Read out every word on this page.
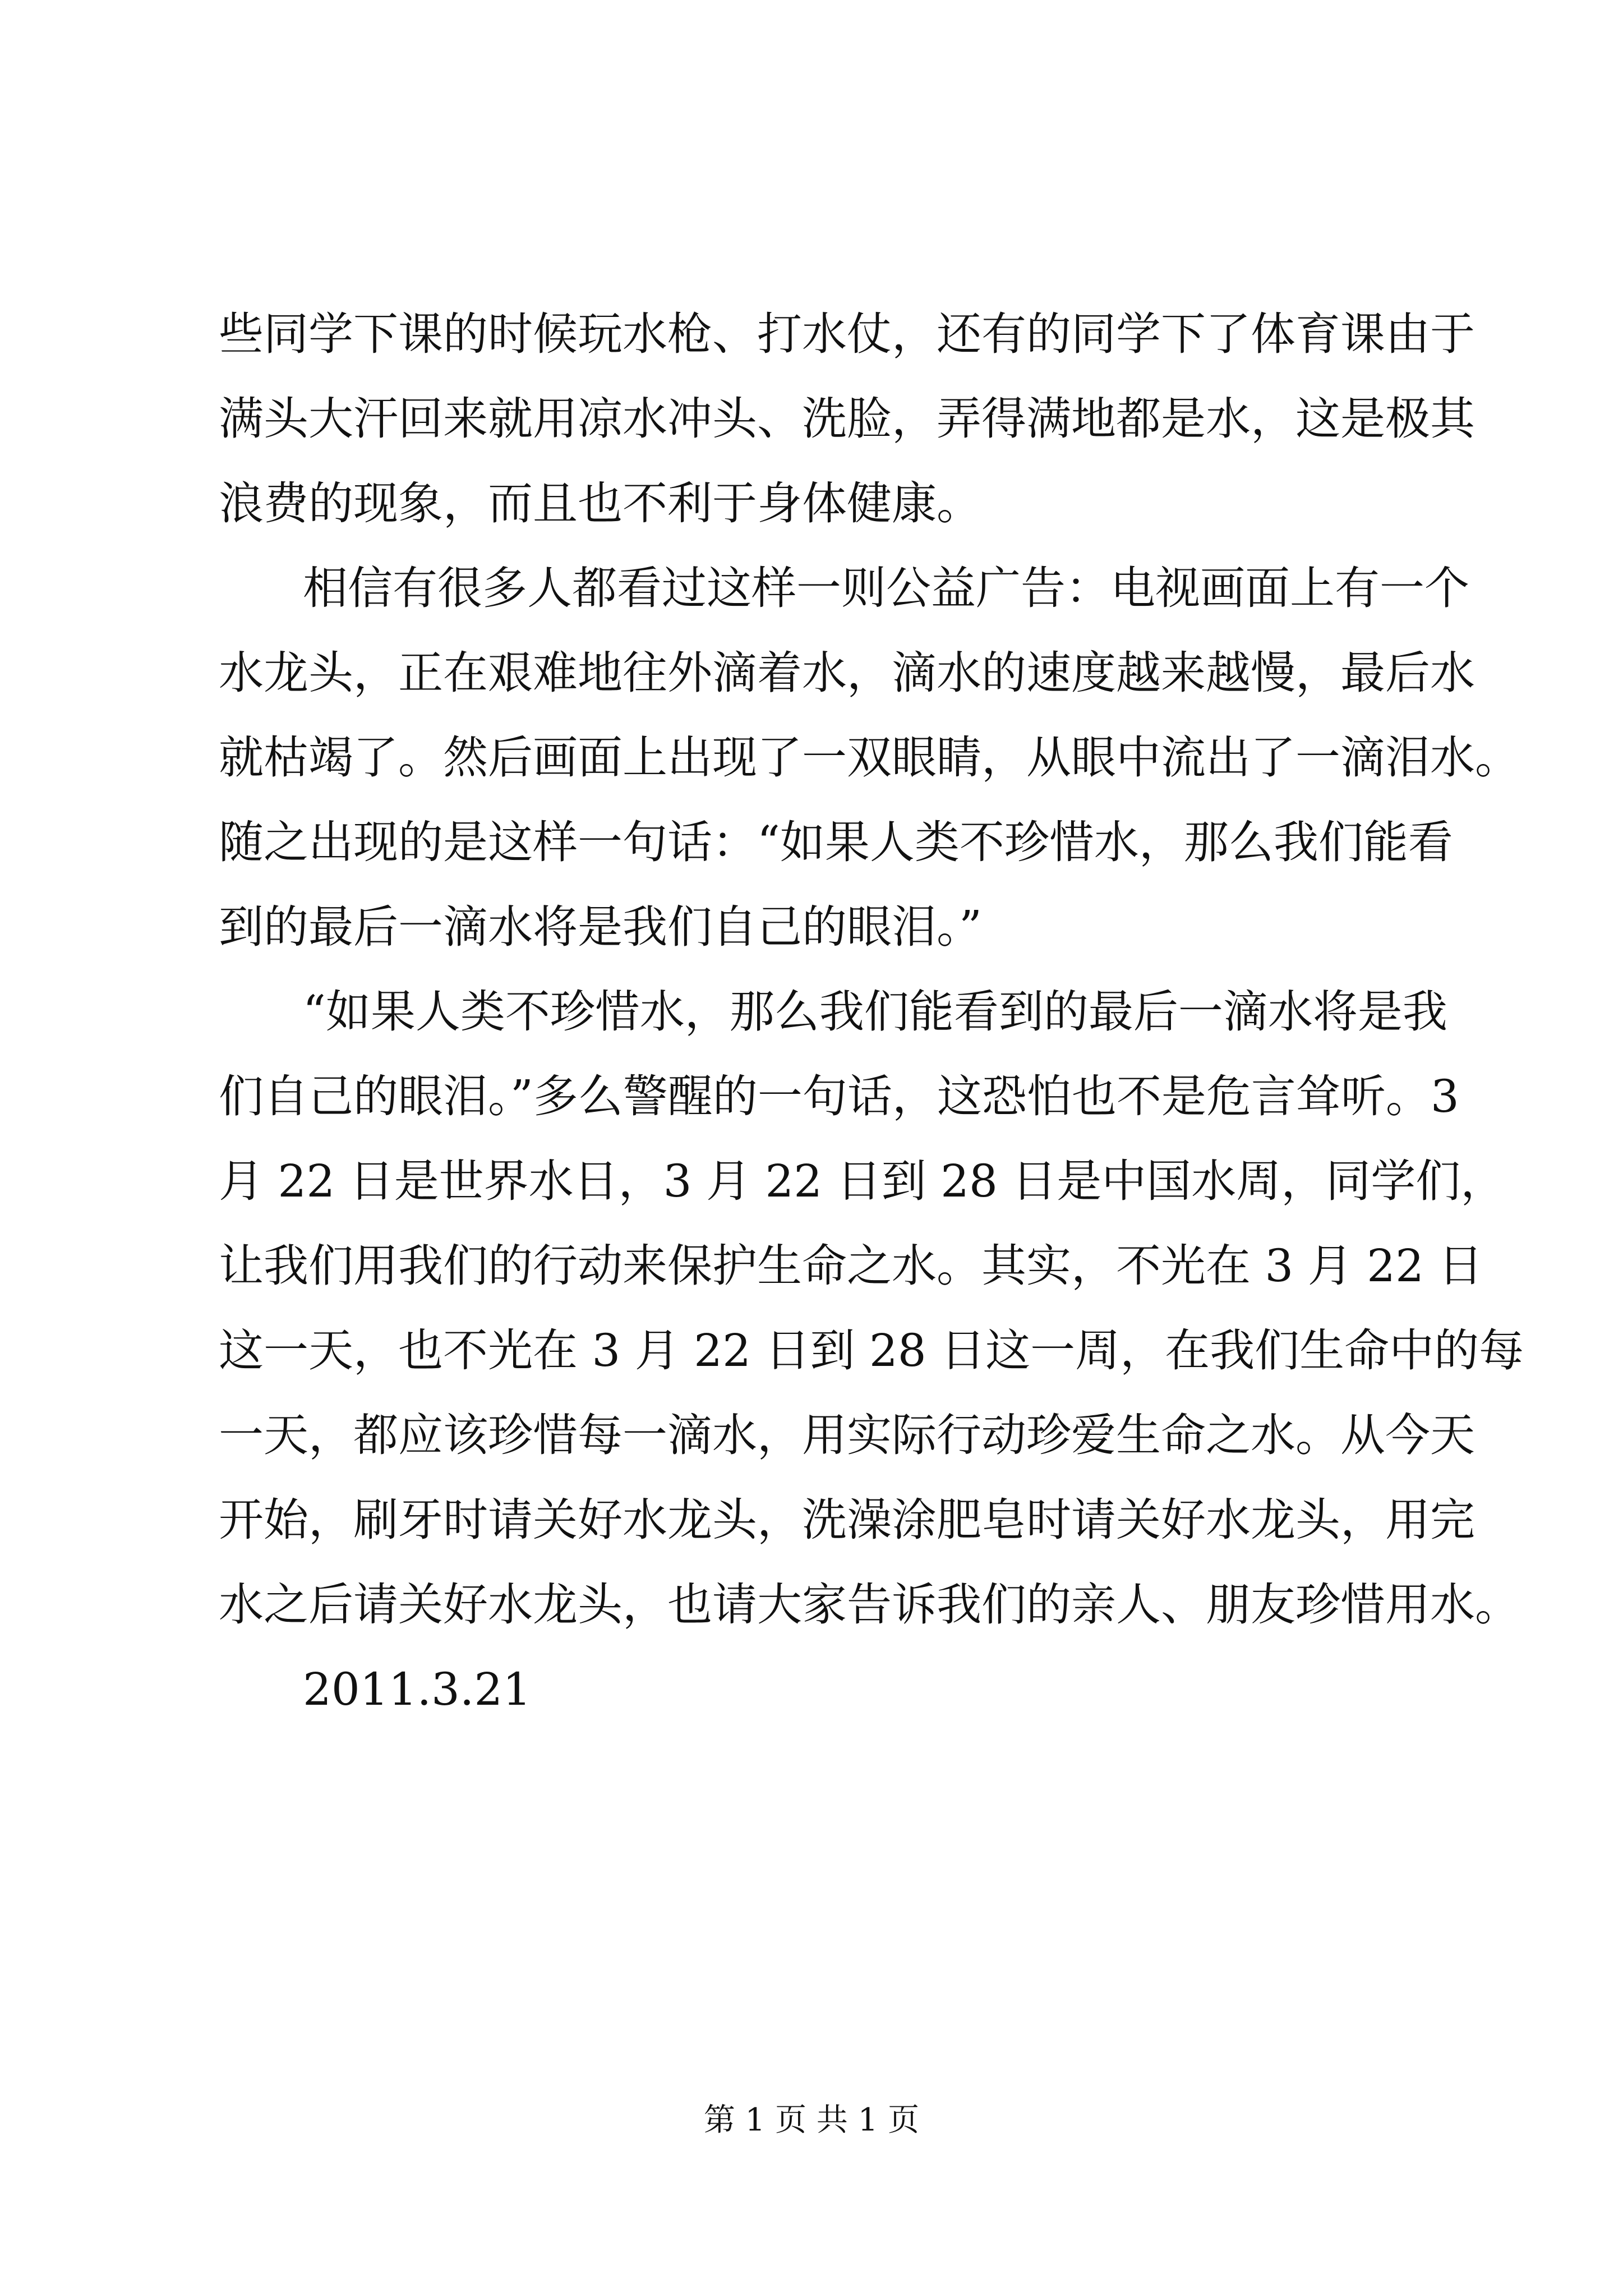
些同学下课的时候玩水枪、打水仗，还有的同学下了体育课由于
满头大汗回来就用凉水冲头、洗脸，弄得满地都是水，这是极其
浪费的现象，而且也不利于身体健康。
相信有很多人都看过这样一则公益广告：电视画面上有一个
水龙头，正在艰难地往外滴着水，滴水的速度越来越慢，最后水
就枯竭了。然后画面上出现了一双眼睛，从眼中流出了一滴泪水。
随之出现的是这样一句话：“如果人类不珍惜水，那么我们能看
到的最后一滴水将是我们自己的眼泪。”
“如果人类不珍惜水，那么我们能看到的最后一滴水将是我
们自己的眼泪。”多么警醒的一句话，这恐怕也不是危言耸听。3
月 22 日是世界水日，3 月 22 日到 28 日是中国水周，同学们，
让我们用我们的行动来保护生命之水。其实，不光在 3 月 22 日
这一天，也不光在 3 月 22 日到 28 日这一周，在我们生命中的每
一天，都应该珍惜每一滴水，用实际行动珍爱生命之水。从今天
开始，刷牙时请关好水龙头，洗澡涂肥皂时请关好水龙头，用完
水之后请关好水龙头，也请大家告诉我们的亲人、朋友珍惜用水。
2011.3.21
第 1 页 共 1 页
